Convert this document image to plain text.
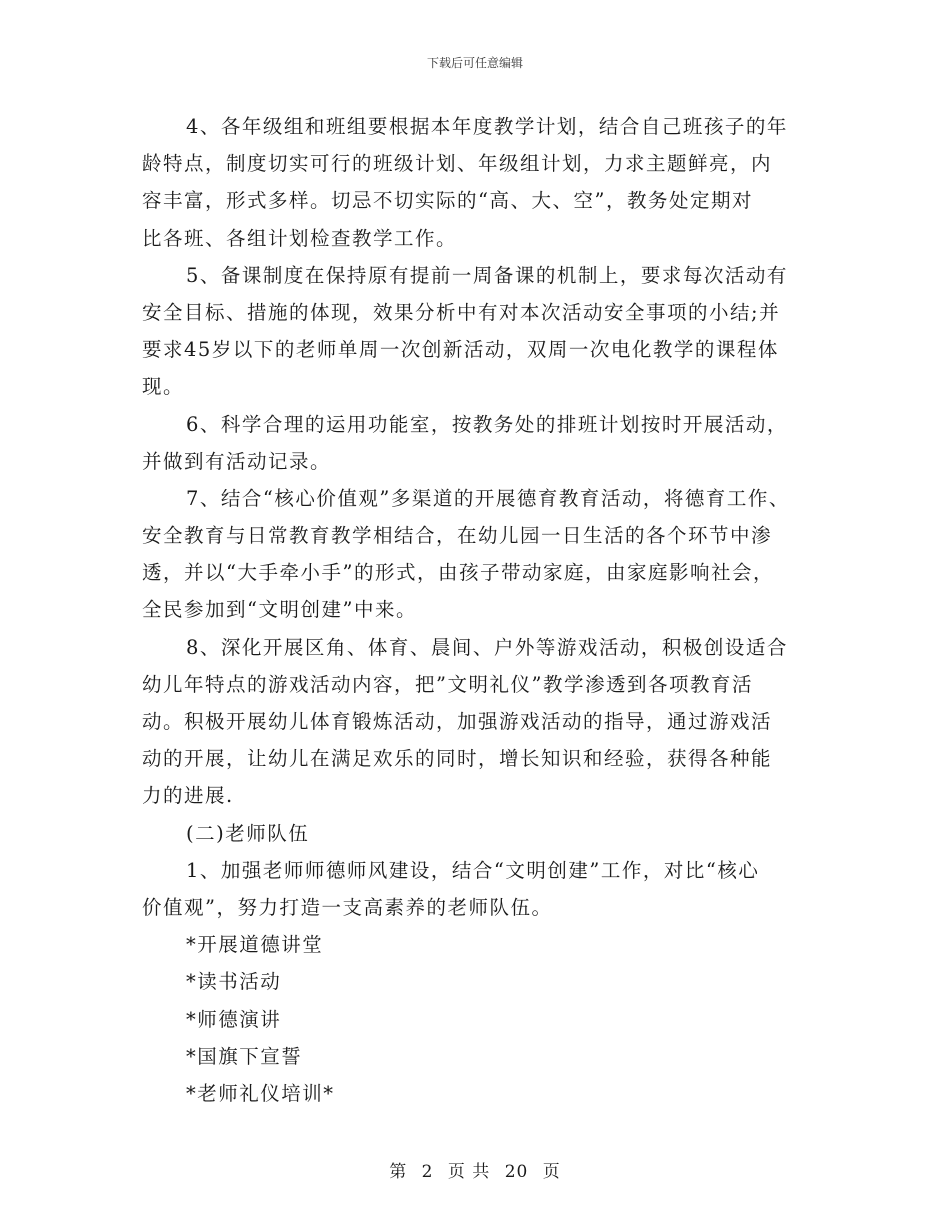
下载后可任意编辑
4、各年级组和班组要根据本年度教学计划，结合自己班孩子的年
龄特点，制度切实可行的班级计划、年级组计划，力求主题鲜亮，内
容丰富，形式多样。切忌不切实际的“高、大、空”，教务处定期对
比各班、各组计划检查教学工作。
5、备课制度在保持原有提前一周备课的机制上，要求每次活动有
安全目标、措施的体现，效果分析中有对本次活动安全事项的小结;并
要求45岁以下的老师单周一次创新活动，双周一次电化教学的课程体
现。
6、科学合理的运用功能室，按教务处的排班计划按时开展活动，
并做到有活动记录。
7、结合“核心价值观”多渠道的开展德育教育活动，将德育工作、
安全教育与日常教育教学相结合，在幼儿园一日生活的各个环节中渗
透，并以“大手牵小手”的形式，由孩子带动家庭，由家庭影响社会，
全民参加到“文明创建”中来。
8、深化开展区角、体育、晨间、户外等游戏活动，积极创设适合
幼儿年特点的游戏活动内容，把”文明礼仪”教学渗透到各项教育活
动。积极开展幼儿体育锻炼活动，加强游戏活动的指导，通过游戏活
动的开展，让幼儿在满足欢乐的同时，增长知识和经验，获得各种能
力的进展.
(二)老师队伍
1、加强老师师德师风建设，结合“文明创建”工作，对比“核心
价值观”，努力打造一支高素养的老师队伍。
*开展道德讲堂
*读书活动
*师德演讲
*国旗下宣誓
*老师礼仪培训*
第 2 页 共 20 页
